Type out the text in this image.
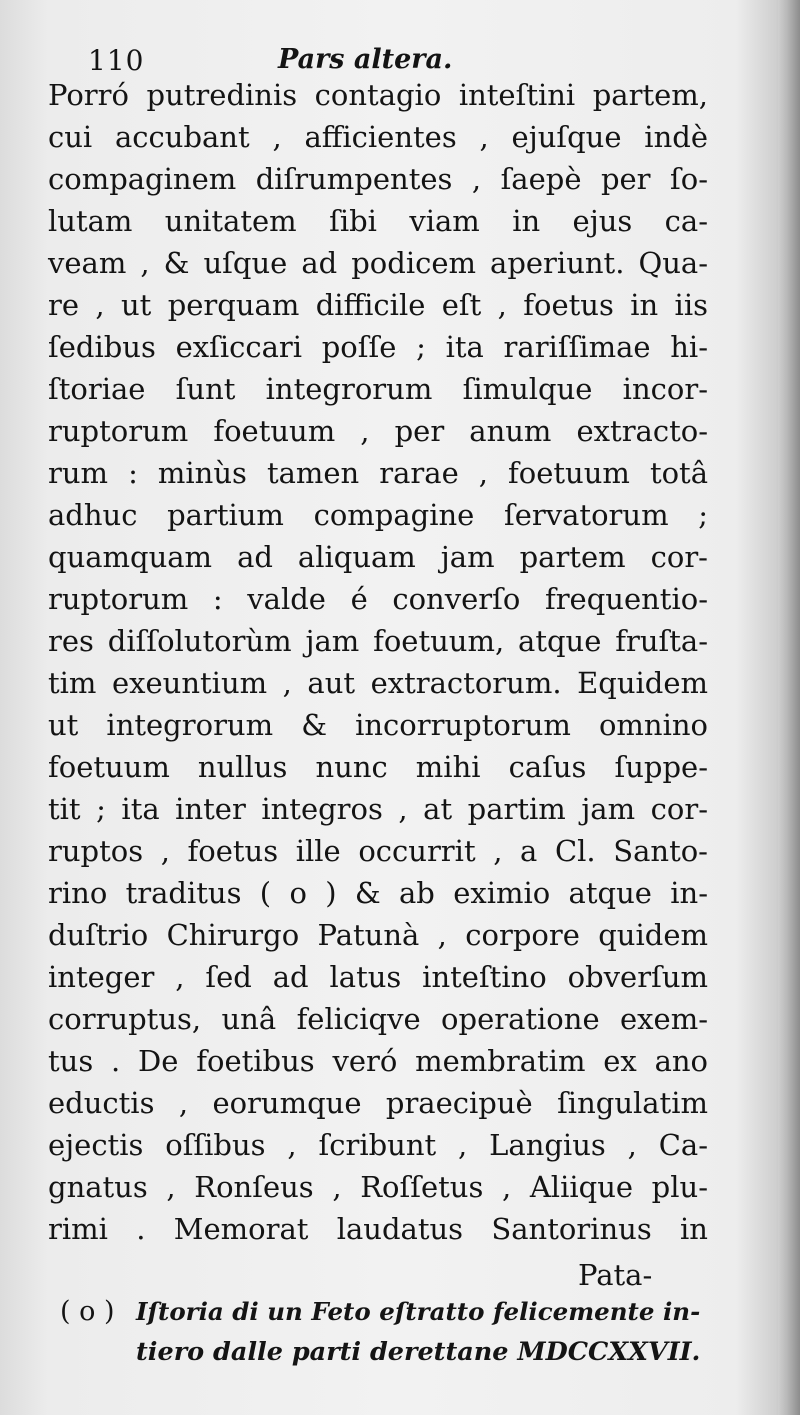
110	Pars altera.
Porró putredinis contagio inteſtini partem,
cui accubant , afficientes , ejuſque indè
compaginem diſrumpentes , ſaepè per ſo-
lutam unitatem ſibi viam in ejus ca-
veam , & uſque ad podicem aperiunt. Qua-
re , ut perquam difficile eſt , foetus in iis
ſedibus exſiccari poſſe ; ita rariſſimae hi-
ſtoriae ſunt integrorum ſimulque incor-
ruptorum foetuum , per anum extracto-
rum : minùs tamen rarae , foetuum totâ
adhuc partium compagine ſervatorum ;
quamquam ad aliquam jam partem cor-
ruptorum : valde é converſo frequentio-
res diſſolutorùm jam foetuum, atque fruſta-
tim exeuntium , aut extractorum. Equidem
ut integrorum & incorruptorum omnino
foetuum nullus nunc mihi caſus ſuppe-
tit ; ita inter integros , at partim jam cor-
ruptos , foetus ille occurrit , a Cl. Santo-
rino traditus ( o ) & ab eximio atque in-
duſtrio Chirurgo Patunà , corpore quidem
integer , ſed ad latus inteſtino obverſum
corruptus, unâ feliciqve operatione exem-
tus . De foetibus veró membratim ex ano
eductis , eorumque praecipuè ſingulatim
ejectis oſſibus , ſcribunt , Langius , Ca-
gnatus , Ronſeus , Roſſetus , Aliique plu-
rimi . Memorat laudatus Santorinus in
Pata-
( o ) Iſtoria di un Feto eſtratto felicemente in-
tiero dalle parti derettane MDCCXXVII.
